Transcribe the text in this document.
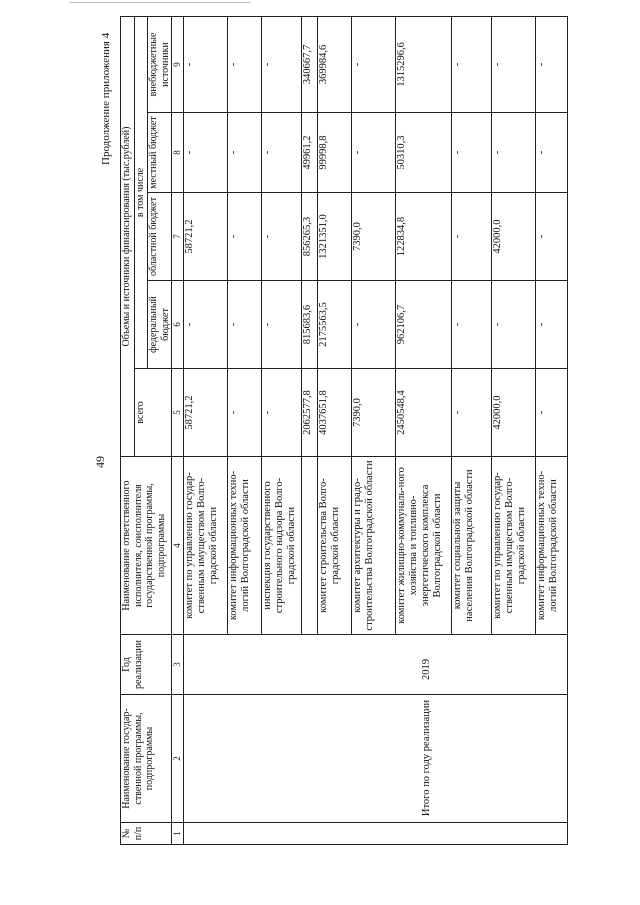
49
Продолжение приложения 4
№ п/п	Наименование государ-ственной программы, подпрограммы	Год реализации	Наименование ответственного исполнителя, соисполнителя государственной программы, подпрограммы	Объемы и источники финансирования (тыс.рублей)				
				всего	в том числе			
					федеральный бюджет	областной бюджет	местный бюджет	внебюджетные источники
1	2	3	4	5	6	7	8	9

	Итого по году реализации	2019	комитет по управлению государ-ственным имуществом Волго-градской области	58721,2	-	58721,2	-	-
			комитет информационных техно-логий Волгоградской области	-	-	-	-	-
			инспекция государственного строительного надзора Волго-градской области	-	-	-	-	-
				2062577,8	815683,6	856265,3	49961,2	340667,7
			комитет строительства Волго-градской области	4037651,8	2175563,5	1321351,0	99998,8	369984,6
			комитет архитектуры и градо-строительства Волгоградской области	7390,0	-	7390,0	-	-
			комитет жилищно-коммуналь-ного хозяйства и топливно-энергетического комплекса Волгоградской области	2450548,4	962106,7	122834,8	50310,3	1315296,6
			комитет социальной защиты населения Волгоградской области	-	-	-	-	-
			комитет по управлению государ-ственным имуществом Волго-градской области	42000,0	-	42000,0	-	-
			комитет информационных техно-логий Волгоградской области	-	-	-	-	-
